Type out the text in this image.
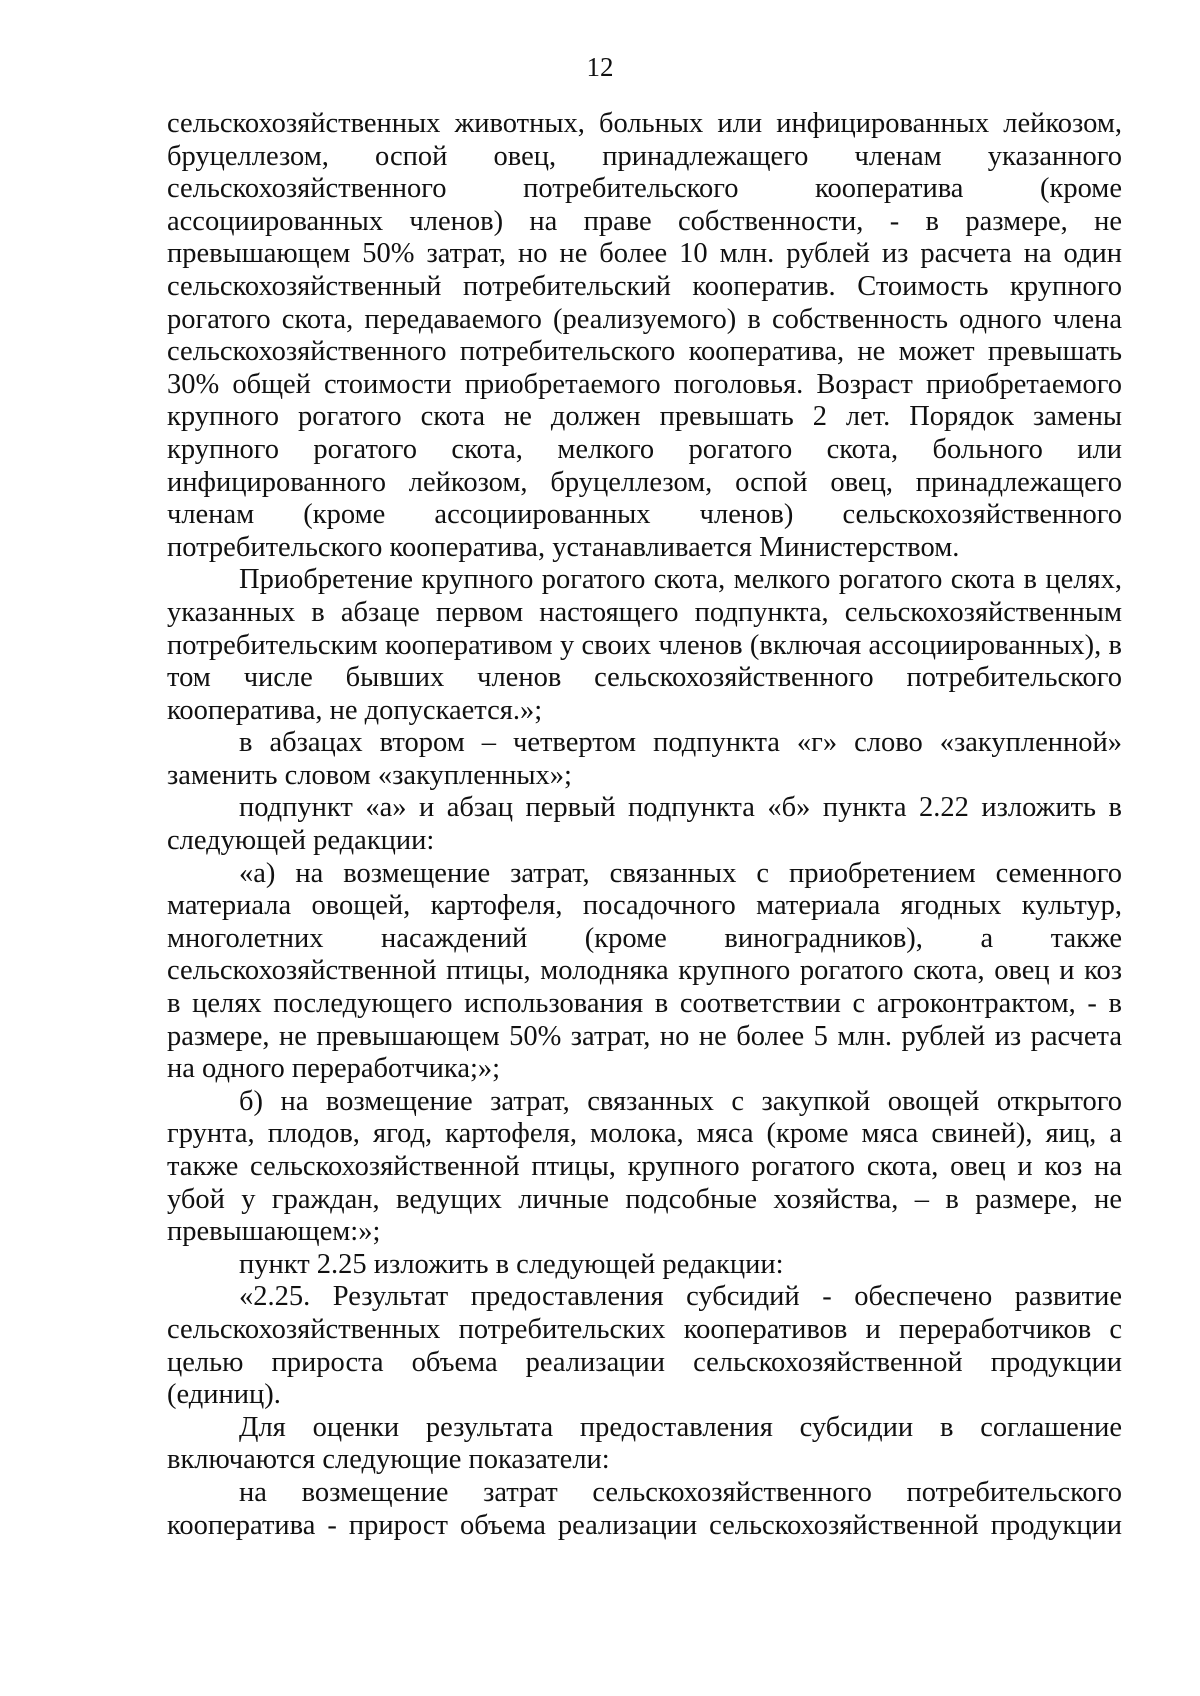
12

сельскохозяйственных животных, больных или инфицированных лейкозом, бруцеллезом, оспой овец, принадлежащего членам указанного сельскохозяйственного потребительского кооператива (кроме ассоциированных членов) на праве собственности, - в размере, не превышающем 50% затрат, но не более 10 млн. рублей из расчета на один сельскохозяйственный потребительский кооператив. Стоимость крупного рогатого скота, передаваемого (реализуемого) в собственность одного члена сельскохозяйственного потребительского кооператива, не может превышать 30% общей стоимости приобретаемого поголовья. Возраст приобретаемого крупного рогатого скота не должен превышать 2 лет. Порядок замены крупного рогатого скота, мелкого рогатого скота, больного или инфицированного лейкозом, бруцеллезом, оспой овец, принадлежащего членам (кроме ассоциированных членов) сельскохозяйственного потребительского кооператива, устанавливается Министерством.

Приобретение крупного рогатого скота, мелкого рогатого скота в целях, указанных в абзаце первом настоящего подпункта, сельскохозяйственным потребительским кооперативом у своих членов (включая ассоциированных), в том числе бывших членов сельскохозяйственного потребительского кооператива, не допускается.»;

в абзацах втором – четвертом подпункта «г» слово «закупленной» заменить словом «закупленных»;

подпункт «а» и абзац первый подпункта «б» пункта 2.22 изложить в следующей редакции:

«а) на возмещение затрат, связанных с приобретением семенного материала овощей, картофеля, посадочного материала ягодных культур, многолетних насаждений (кроме виноградников), а также сельскохозяйственной птицы, молодняка крупного рогатого скота, овец и коз в целях последующего использования в соответствии с агроконтрактом, - в размере, не превышающем 50% затрат, но не более 5 млн. рублей из расчета на одного переработчика;»;

б) на возмещение затрат, связанных с закупкой овощей открытого грунта, плодов, ягод, картофеля, молока, мяса (кроме мяса свиней), яиц, а также сельскохозяйственной птицы, крупного рогатого скота, овец и коз на убой у граждан, ведущих личные подсобные хозяйства, – в размере, не превышающем:»;

пункт 2.25 изложить в следующей редакции:

«2.25. Результат предоставления субсидий - обеспечено развитие сельскохозяйственных потребительских кооперативов и переработчиков с целью прироста объема реализации сельскохозяйственной продукции (единиц).

Для оценки результата предоставления субсидии в соглашение включаются следующие показатели:

на возмещение затрат сельскохозяйственного потребительского кооператива - прирост объема реализации сельскохозяйственной продукции
